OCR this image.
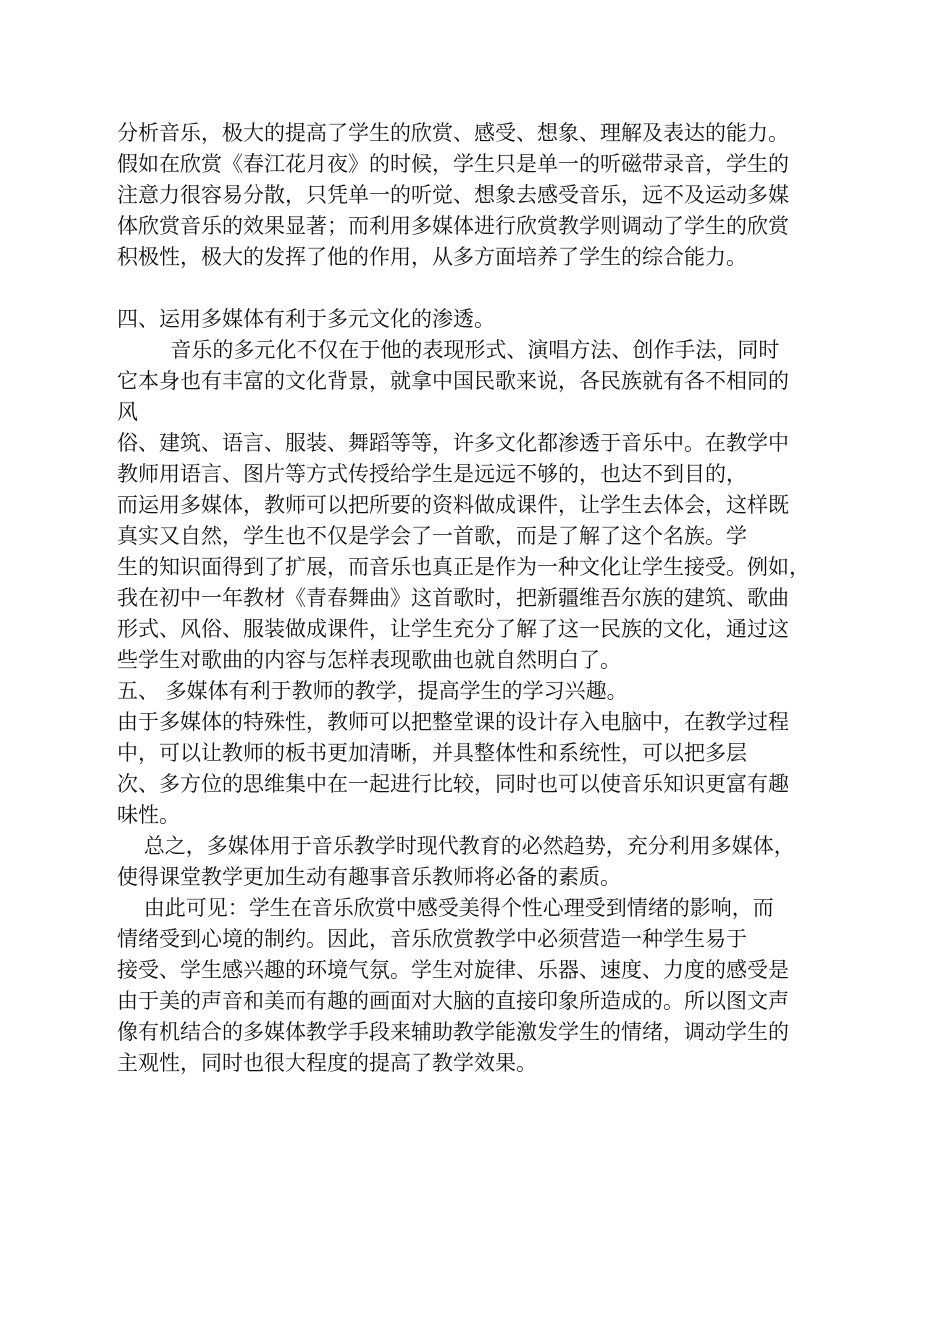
分析音乐，极大的提高了学生的欣赏、感受、想象、理解及表达的能力。
假如在欣赏《春江花月夜》的时候，学生只是单一的听磁带录音，学生的
注意力很容易分散，只凭单一的听觉、想象去感受音乐，远不及运动多媒
体欣赏音乐的效果显著；而利用多媒体进行欣赏教学则调动了学生的欣赏
积极性，极大的发挥了他的作用，从多方面培养了学生的综合能力。
四、运用多媒体有利于多元文化的渗透。
音乐的多元化不仅在于他的表现形式、演唱方法、创作手法，同时
它本身也有丰富的文化背景，就拿中国民歌来说，各民族就有各不相同的
风
俗、建筑、语言、服装、舞蹈等等，许多文化都渗透于音乐中。在教学中
教师用语言、图片等方式传授给学生是远远不够的，也达不到目的，
而运用多媒体，教师可以把所要的资料做成课件，让学生去体会，这样既
真实又自然，学生也不仅是学会了一首歌，而是了解了这个名族。学
生的知识面得到了扩展，而音乐也真正是作为一种文化让学生接受。例如，
我在初中一年教材《青春舞曲》这首歌时，把新疆维吾尔族的建筑、歌曲
形式、风俗、服装做成课件，让学生充分了解了这一民族的文化，通过这
些学生对歌曲的内容与怎样表现歌曲也就自然明白了。
五、 多媒体有利于教师的教学，提高学生的学习兴趣。
由于多媒体的特殊性，教师可以把整堂课的设计存入电脑中，在教学过程
中，可以让教师的板书更加清晰，并具整体性和系统性，可以把多层
次、多方位的思维集中在一起进行比较，同时也可以使音乐知识更富有趣
味性。
总之，多媒体用于音乐教学时现代教育的必然趋势，充分利用多媒体，
使得课堂教学更加生动有趣事音乐教师将必备的素质。
由此可见：学生在音乐欣赏中感受美得个性心理受到情绪的影响，而
情绪受到心境的制约。因此，音乐欣赏教学中必须营造一种学生易于
接受、学生感兴趣的环境气氛。学生对旋律、乐器、速度、力度的感受是
由于美的声音和美而有趣的画面对大脑的直接印象所造成的。所以图文声
像有机结合的多媒体教学手段来辅助教学能激发学生的情绪，调动学生的
主观性，同时也很大程度的提高了教学效果。
